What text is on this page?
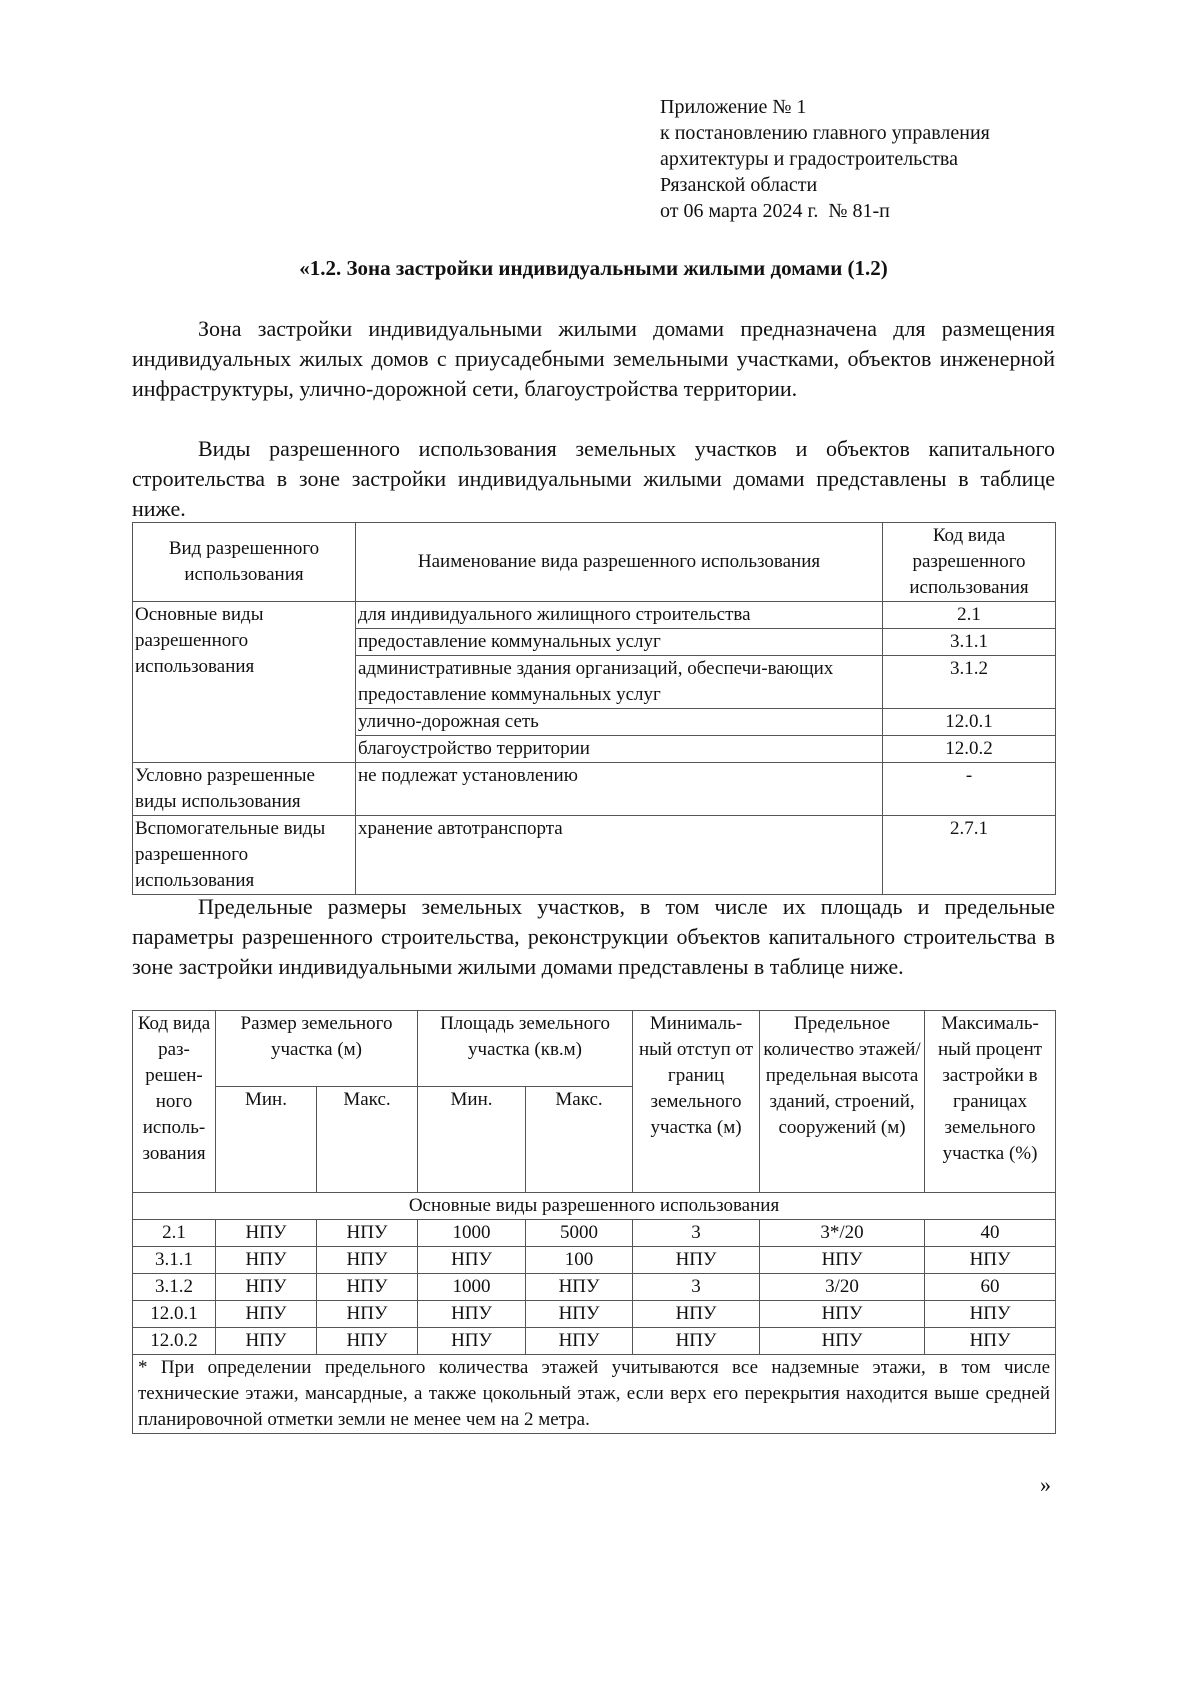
Приложение № 1
к постановлению главного управления
архитектуры и градостроительства
Рязанской области
от 06 марта 2024 г.  № 81-п
«1.2. Зона застройки индивидуальными жилыми домами (1.2)
Зона застройки индивидуальными жилыми домами предназначена для размещения индивидуальных жилых домов с приусадебными земельными участками, объектов инженерной инфраструктуры, улично-дорожной сети, благоустройства территории.
Виды разрешенного использования земельных участков и объектов капитального строительства в зоне застройки индивидуальными жилыми домами представлены в таблице ниже.
Вид разрешенного использования	Наименование вида разрешенного использования	Код вида разрешенного использования
Основные виды разрешенного использования	для индивидуального жилищного строительства	2.1
	предоставление коммунальных услуг	3.1.1
	административные здания организаций, обеспечи-вающих предоставление коммунальных услуг	3.1.2
	улично-дорожная сеть	12.0.1
	благоустройство территории	12.0.2
Условно разрешенные виды использования	не подлежат установлению	-
Вспомогательные виды разрешенного использования	хранение автотранспорта	2.7.1
Предельные размеры земельных участков, в том числе их площадь и предельные параметры разрешенного строительства, реконструкции объектов капитального строительства в зоне застройки индивидуальными жилыми домами представлены в таблице ниже.
Код вида раз-решен-ного исполь-зования	Размер земельного участка (м)		Площадь земельного участка (кв.м)		Минималь-ный отступ от границ земельного участка (м)	Предельное количество этажей/ предельная высота зданий, строений, сооружений (м)	Максималь-ный процент застройки в границах земельного участка (%)
	Мин.	Макс.	Мин.	Макс.			
Основные виды разрешенного использования							
2.1	НПУ	НПУ	1000	5000	3	3*/20	40
3.1.1	НПУ	НПУ	НПУ	100	НПУ	НПУ	НПУ
3.1.2	НПУ	НПУ	1000	НПУ	3	3/20	60
12.0.1	НПУ	НПУ	НПУ	НПУ	НПУ	НПУ	НПУ
12.0.2	НПУ	НПУ	НПУ	НПУ	НПУ	НПУ	НПУ
* При определении предельного количества этажей учитываются все надземные этажи, в том числе технические этажи, мансардные, а также цокольный этаж, если верх его перекрытия находится выше средней планировочной отметки земли не менее чем на 2 метра.							
»
